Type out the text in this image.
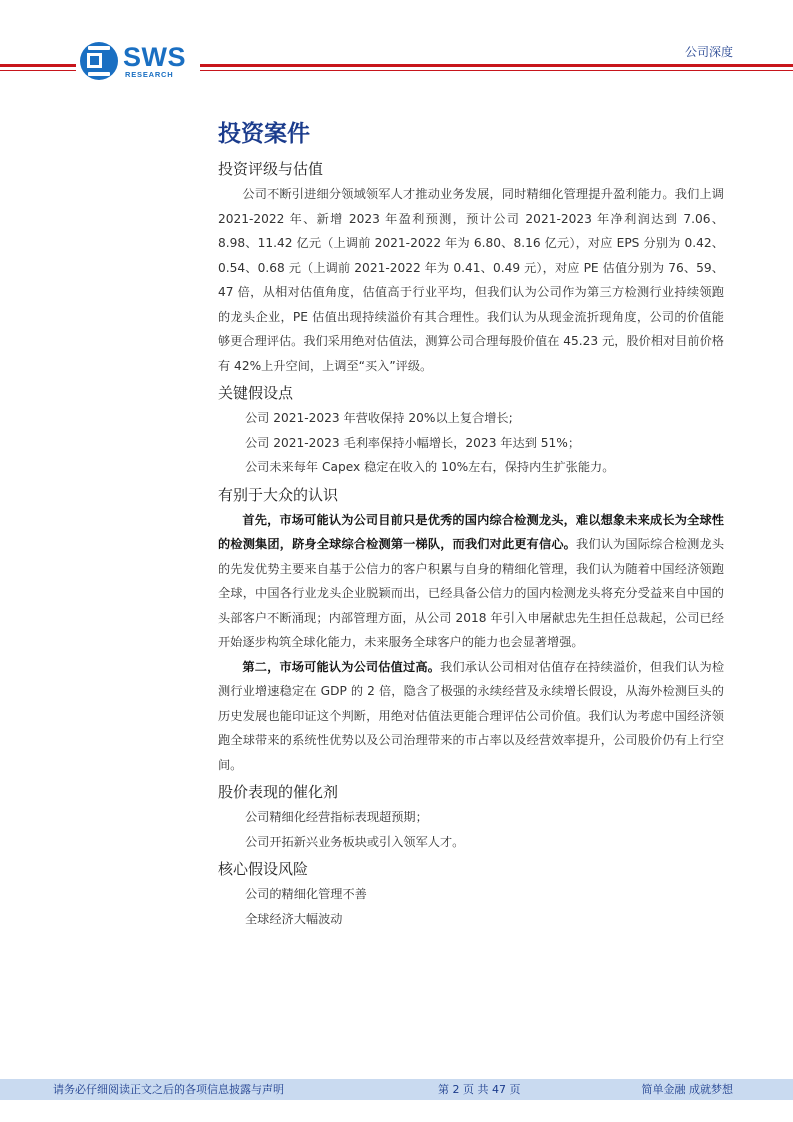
SWS
RESEARCH
公司深度
投资案件
投资评级与估值

公司不断引进细分领域领军人才推动业务发展，同时精细化管理提升盈利能力。我们上调 2021-2022 年、新增 2023 年盈利预测，预计公司 2021-2023 年净利润达到 7.06、8.98、11.42 亿元（上调前 2021-2022 年为 6.80、8.16 亿元），对应 EPS 分别为 0.42、0.54、0.68 元（上调前 2021-2022 年为 0.41、0.49 元），对应 PE 估值分别为 76、59、47 倍，从相对估值角度，估值高于行业平均，但我们认为公司作为第三方检测行业持续领跑的龙头企业，PE 估值出现持续溢价有其合理性。我们认为从现金流折现角度，公司的价值能够更合理评估。我们采用绝对估值法，测算公司合理每股价值在 45.23 元，股价相对目前价格有 42%上升空间，上调至“买入”评级。

关键假设点

公司 2021-2023 年营收保持 20%以上复合增长;

公司 2021-2023 毛利率保持小幅增长，2023 年达到 51%；

公司未来每年 Capex 稳定在收入的 10%左右，保持内生扩张能力。

有别于大众的认识

首先，市场可能认为公司目前只是优秀的国内综合检测龙头，难以想象未来成长为全球性的检测集团，跻身全球综合检测第一梯队，而我们对此更有信心。我们认为国际综合检测龙头的先发优势主要来自基于公信力的客户积累与自身的精细化管理，我们认为随着中国经济领跑全球，中国各行业龙头企业脱颖而出，已经具备公信力的国内检测龙头将充分受益来自中国的头部客户不断涌现；内部管理方面，从公司 2018 年引入申屠献忠先生担任总裁起，公司已经开始逐步构筑全球化能力，未来服务全球客户的能力也会显著增强。

第二，市场可能认为公司估值过高。我们承认公司相对估值存在持续溢价，但我们认为检测行业增速稳定在 GDP 的 2 倍，隐含了极强的永续经营及永续增长假设，从海外检测巨头的历史发展也能印证这个判断，用绝对估值法更能合理评估公司价值。我们认为考虑中国经济领跑全球带来的系统性优势以及公司治理带来的市占率以及经营效率提升，公司股价仍有上行空间。

股价表现的催化剂

公司精细化经营指标表现超预期；

公司开拓新兴业务板块或引入领军人才。

核心假设风险

公司的精细化管理不善

全球经济大幅波动

请务必仔细阅读正文之后的各项信息披露与声明	第 2 页 共 47 页	简单金融 成就梦想
